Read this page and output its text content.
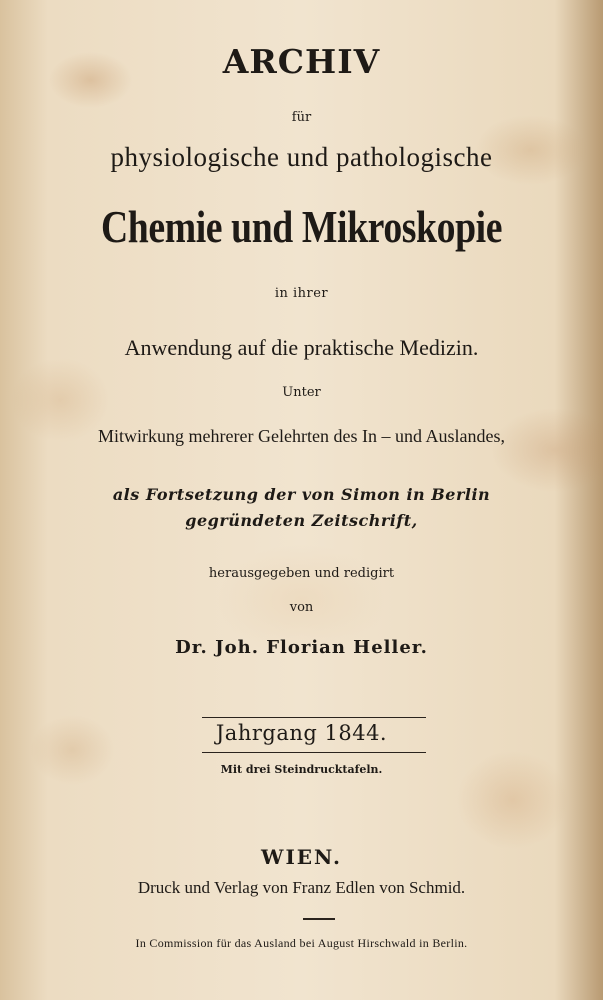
ARCHIV
für
physiologische und pathologische
Chemie und Mikroskopie
in ihrer
Anwendung auf die praktische Medizin.
Unter
Mitwirkung mehrerer Gelehrten des In – und Auslandes,
als Fortsetzung der von Simon in Berlin
gegründeten Zeitschrift,
herausgegeben und redigirt
von
Dr. Joh. Florian Heller.
Jahrgang 1844.
Mit drei Steindrucktafeln.
WIEN.
Druck und Verlag von Franz Edlen von Schmid.
In Commission für das Ausland bei August Hirschwald in Berlin.
